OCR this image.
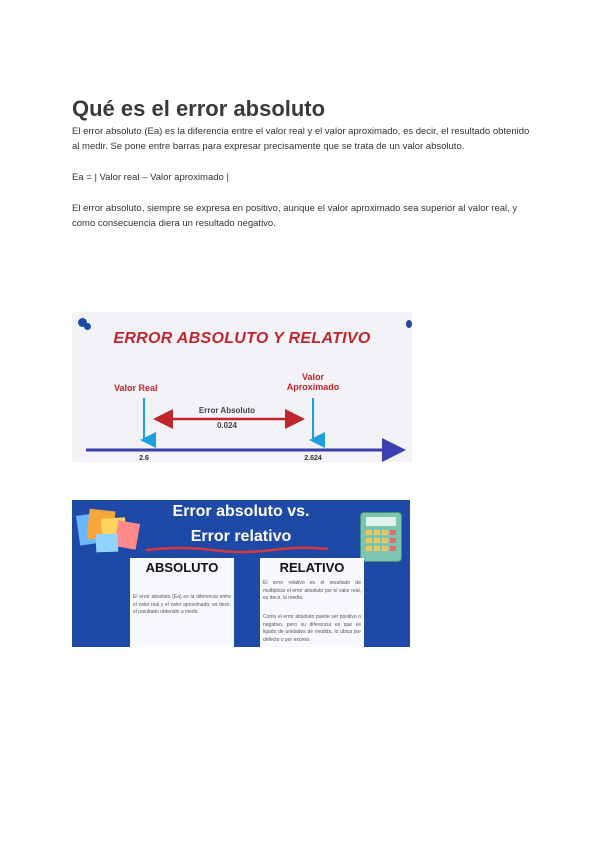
Qué es el error absoluto

El error absoluto (Ea) es la diferencia entre el valor real y el valor aproximado, es decir, el resultado obtenido al medir. Se pone entre barras para expresar precisamente que se trata de un valor absoluto.

Ea = | Valor real – Valor aproximado |

El error absoluto, siempre se expresa en positivo, aunque el valor aproximado sea superior al valor real, y como consecuencia diera un resultado negativo.

ERROR ABSOLUTO Y RELATIVO
Valor Real
Valor
Aproximado
Error Absoluto
0.024
2.6	2.624
Error absoluto vs.
Error relativo
ABSOLUTO
El error absoluto (Ea) es la diferencia entre el valor real y el valor aproximado, es decir, el resultado obtenido a medir.
RELATIVO
El error relativo es el resultado de multiplicar el error absoluto por el valor real, es decir, la media.
Como el error absoluto puede ser positivo o negativo, pero su diferencia es que es ligado de unidades de medida, lo ubica por defecto o por exceso.
